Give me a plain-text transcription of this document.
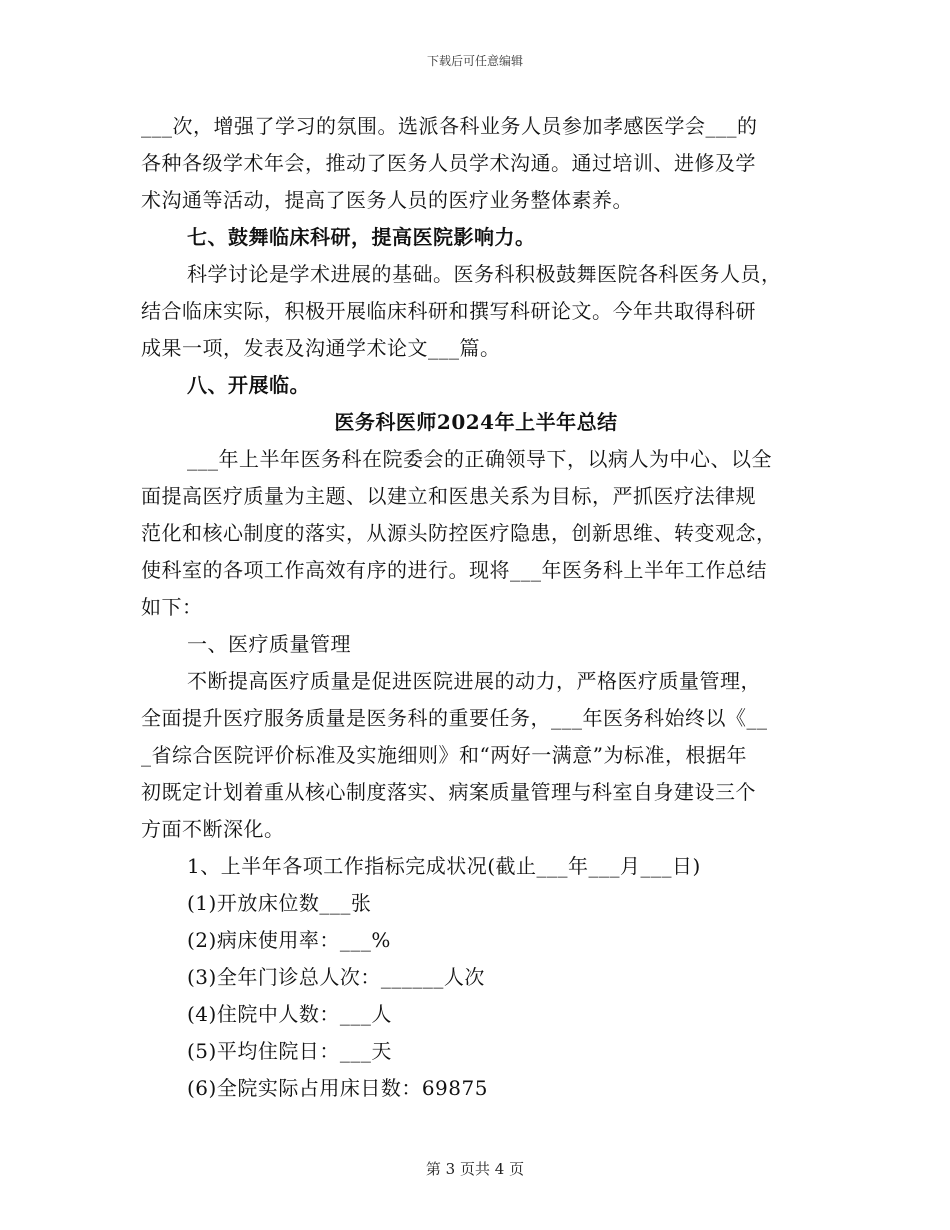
下载后可任意编辑
___次，增强了学习的氛围。选派各科业务人员参加孝感医学会___的
各种各级学术年会，推动了医务人员学术沟通。通过培训、进修及学
术沟通等活动，提高了医务人员的医疗业务整体素养。
七、鼓舞临床科研，提高医院影响力。
科学讨论是学术进展的基础。医务科积极鼓舞医院各科医务人员，
结合临床实际，积极开展临床科研和撰写科研论文。今年共取得科研
成果一项，发表及沟通学术论文___篇。
八、开展临。
医务科医师2024年上半年总结
___年上半年医务科在院委会的正确领导下，以病人为中心、以全
面提高医疗质量为主题、以建立和医患关系为目标，严抓医疗法律规
范化和核心制度的落实，从源头防控医疗隐患，创新思维、转变观念，
使科室的各项工作高效有序的进行。现将___年医务科上半年工作总结
如下：
一、医疗质量管理
不断提高医疗质量是促进医院进展的动力，严格医疗质量管理，
全面提升医疗服务质量是医务科的重要任务，___年医务科始终以《__
_省综合医院评价标准及实施细则》和“两好一满意”为标准，根据年
初既定计划着重从核心制度落实、病案质量管理与科室自身建设三个
方面不断深化。
1、上半年各项工作指标完成状况(截止___年___月___日)
(1)开放床位数___张
(2)病床使用率：___%
(3)全年门诊总人次：______人次
(4)住院中人数：___人
(5)平均住院日：___天
(6)全院实际占用床日数：69875
第 3 页共 4 页
